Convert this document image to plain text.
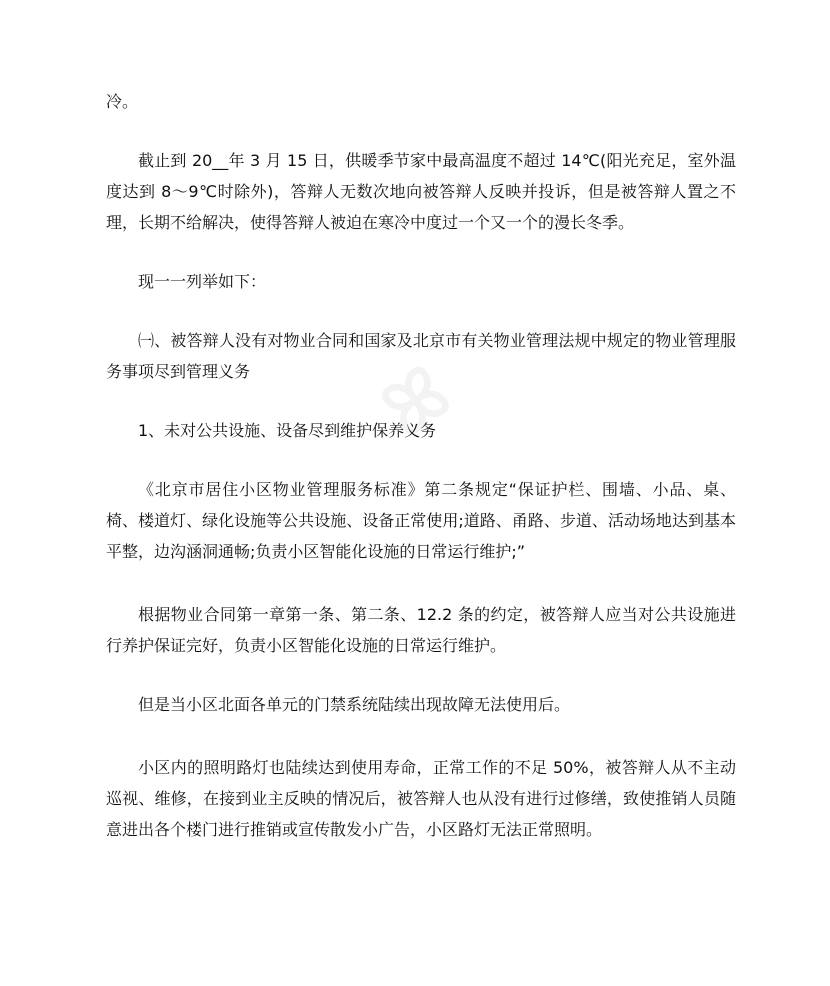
ꕤ

冷。

截止到 20__年 3 月 15 日，供暖季节家中最高温度不超过 14℃(阳光充足，室外温度达到 8～9℃时除外)，答辩人无数次地向被答辩人反映并投诉，但是被答辩人置之不理，长期不给解决，使得答辩人被迫在寒冷中度过一个又一个的漫长冬季。

现一一列举如下：

㈠、被答辩人没有对物业合同和国家及北京市有关物业管理法规中规定的物业管理服务事项尽到管理义务

1、未对公共设施、设备尽到维护保养义务

《北京市居住小区物业管理服务标准》第二条规定“保证护栏、围墙、小品、桌、椅、楼道灯、绿化设施等公共设施、设备正常使用;道路、甬路、步道、活动场地达到基本平整，边沟涵洞通畅;负责小区智能化设施的日常运行维护;”

根据物业合同第一章第一条、第二条、12.2 条的约定，被答辩人应当对公共设施进行养护保证完好，负责小区智能化设施的日常运行维护。

但是当小区北面各单元的门禁系统陆续出现故障无法使用后。

小区内的照明路灯也陆续达到使用寿命，正常工作的不足 50%，被答辩人从不主动巡视、维修，在接到业主反映的情况后，被答辩人也从没有进行过修缮，致使推销人员随意进出各个楼门进行推销或宣传散发小广告，小区路灯无法正常照明。
